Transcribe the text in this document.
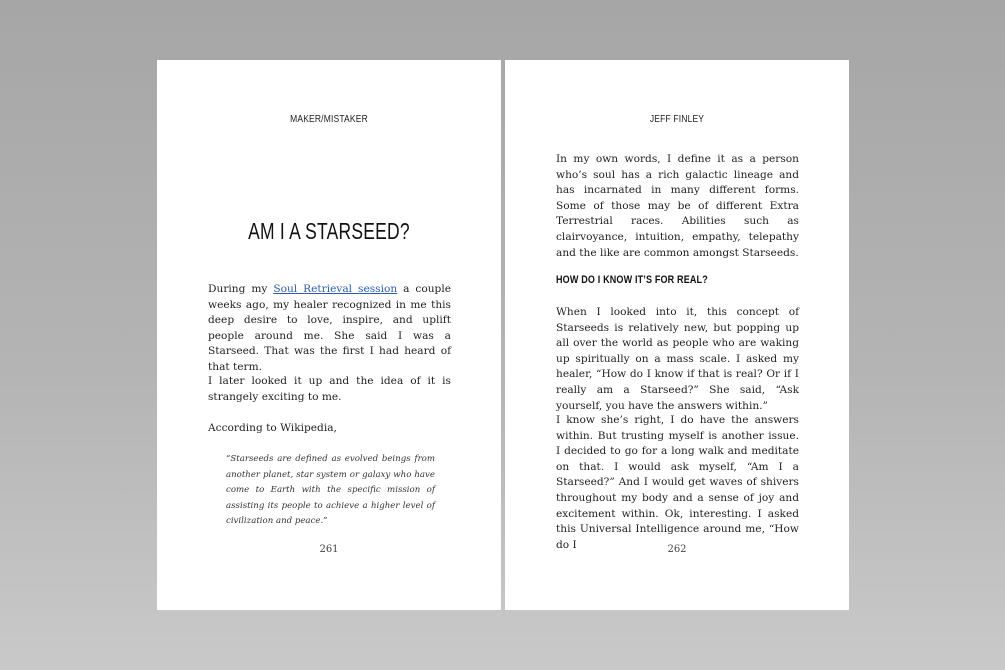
MAKER/MISTAKER
AM I A STARSEED?

During my Soul Retrieval session a couple weeks ago, my healer recognized in me this deep desire to love, inspire, and uplift people around me. She said I was a Starseed. That was the first I had heard of that term.

I later looked it up and the idea of it is strangely exciting to me.

According to Wikipedia,

“Starseeds are defined as evolved beings from another planet, star system or galaxy who have come to Earth with the specific mission of assisting its people to achieve a higher level of civilization and peace.”

261
JEFF FINLEY

In my own words, I define it as a person who’s soul has a rich galactic lineage and has incarnated in many different forms. Some of those may be of different Extra Terrestrial races. Abilities such as clairvoyance, intuition, empathy, telepathy and the like are common amongst Starseeds.

HOW DO I KNOW IT’S FOR REAL?

When I looked into it, this concept of Starseeds is relatively new, but popping up all over the world as people who are waking up spiritually on a mass scale. I asked my healer, “How do I know if that is real? Or if I really am a Starseed?” She said, “Ask yourself, you have the answers within.”

I know she’s right, I do have the answers within. But trusting myself is another issue. I decided to go for a long walk and meditate on that. I would ask myself, “Am I a Starseed?” And I would get waves of shivers throughout my body and a sense of joy and excitement within. Ok, interesting. I asked this Universal Intelligence around me, “How do I	262
